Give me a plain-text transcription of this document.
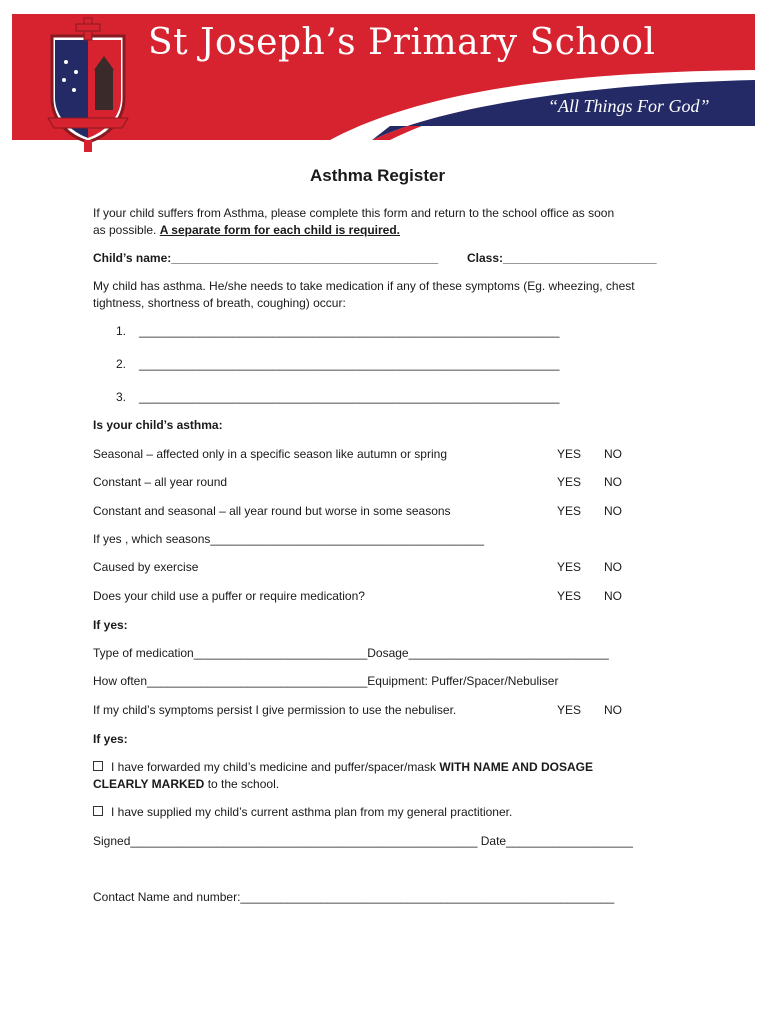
St Joseph’s Primary School
“All Things For God”
Asthma Register
If your child suffers from Asthma, please complete this form and return to the school office as soon
as possible. A separate form for each child is required.
Child’s name:________________________________________ Class:_______________________
My child has asthma. He/she needs to take medication if any of these symptoms (Eg. wheezing, chest
tightness, shortness of breath, coughing) occur:
1. _______________________________________________________________
2. _______________________________________________________________
3. _______________________________________________________________
Is your child’s asthma:
Seasonal – affected only in a specific season like autumn or spring	YES NO
Constant – all year round	YES NO
Constant and seasonal – all year round but worse in some seasons	YES NO
If yes , which seasons_________________________________________
Caused by exercise	YES NO
Does your child use a puffer or require medication?	YES NO
If yes:
Type of medication__________________________Dosage______________________________
How often_________________________________Equipment: Puffer/Spacer/Nebuliser
If my child’s symptoms persist I give permission to use the nebuliser.	YES NO
If yes:
I have forwarded my child’s medicine and puffer/spacer/mask WITH NAME AND DOSAGE
CLEARLY MARKED to the school.
I have supplied my child’s current asthma plan from my general practitioner.
Signed____________________________________________________ Date___________________
Contact Name and number:________________________________________________________
